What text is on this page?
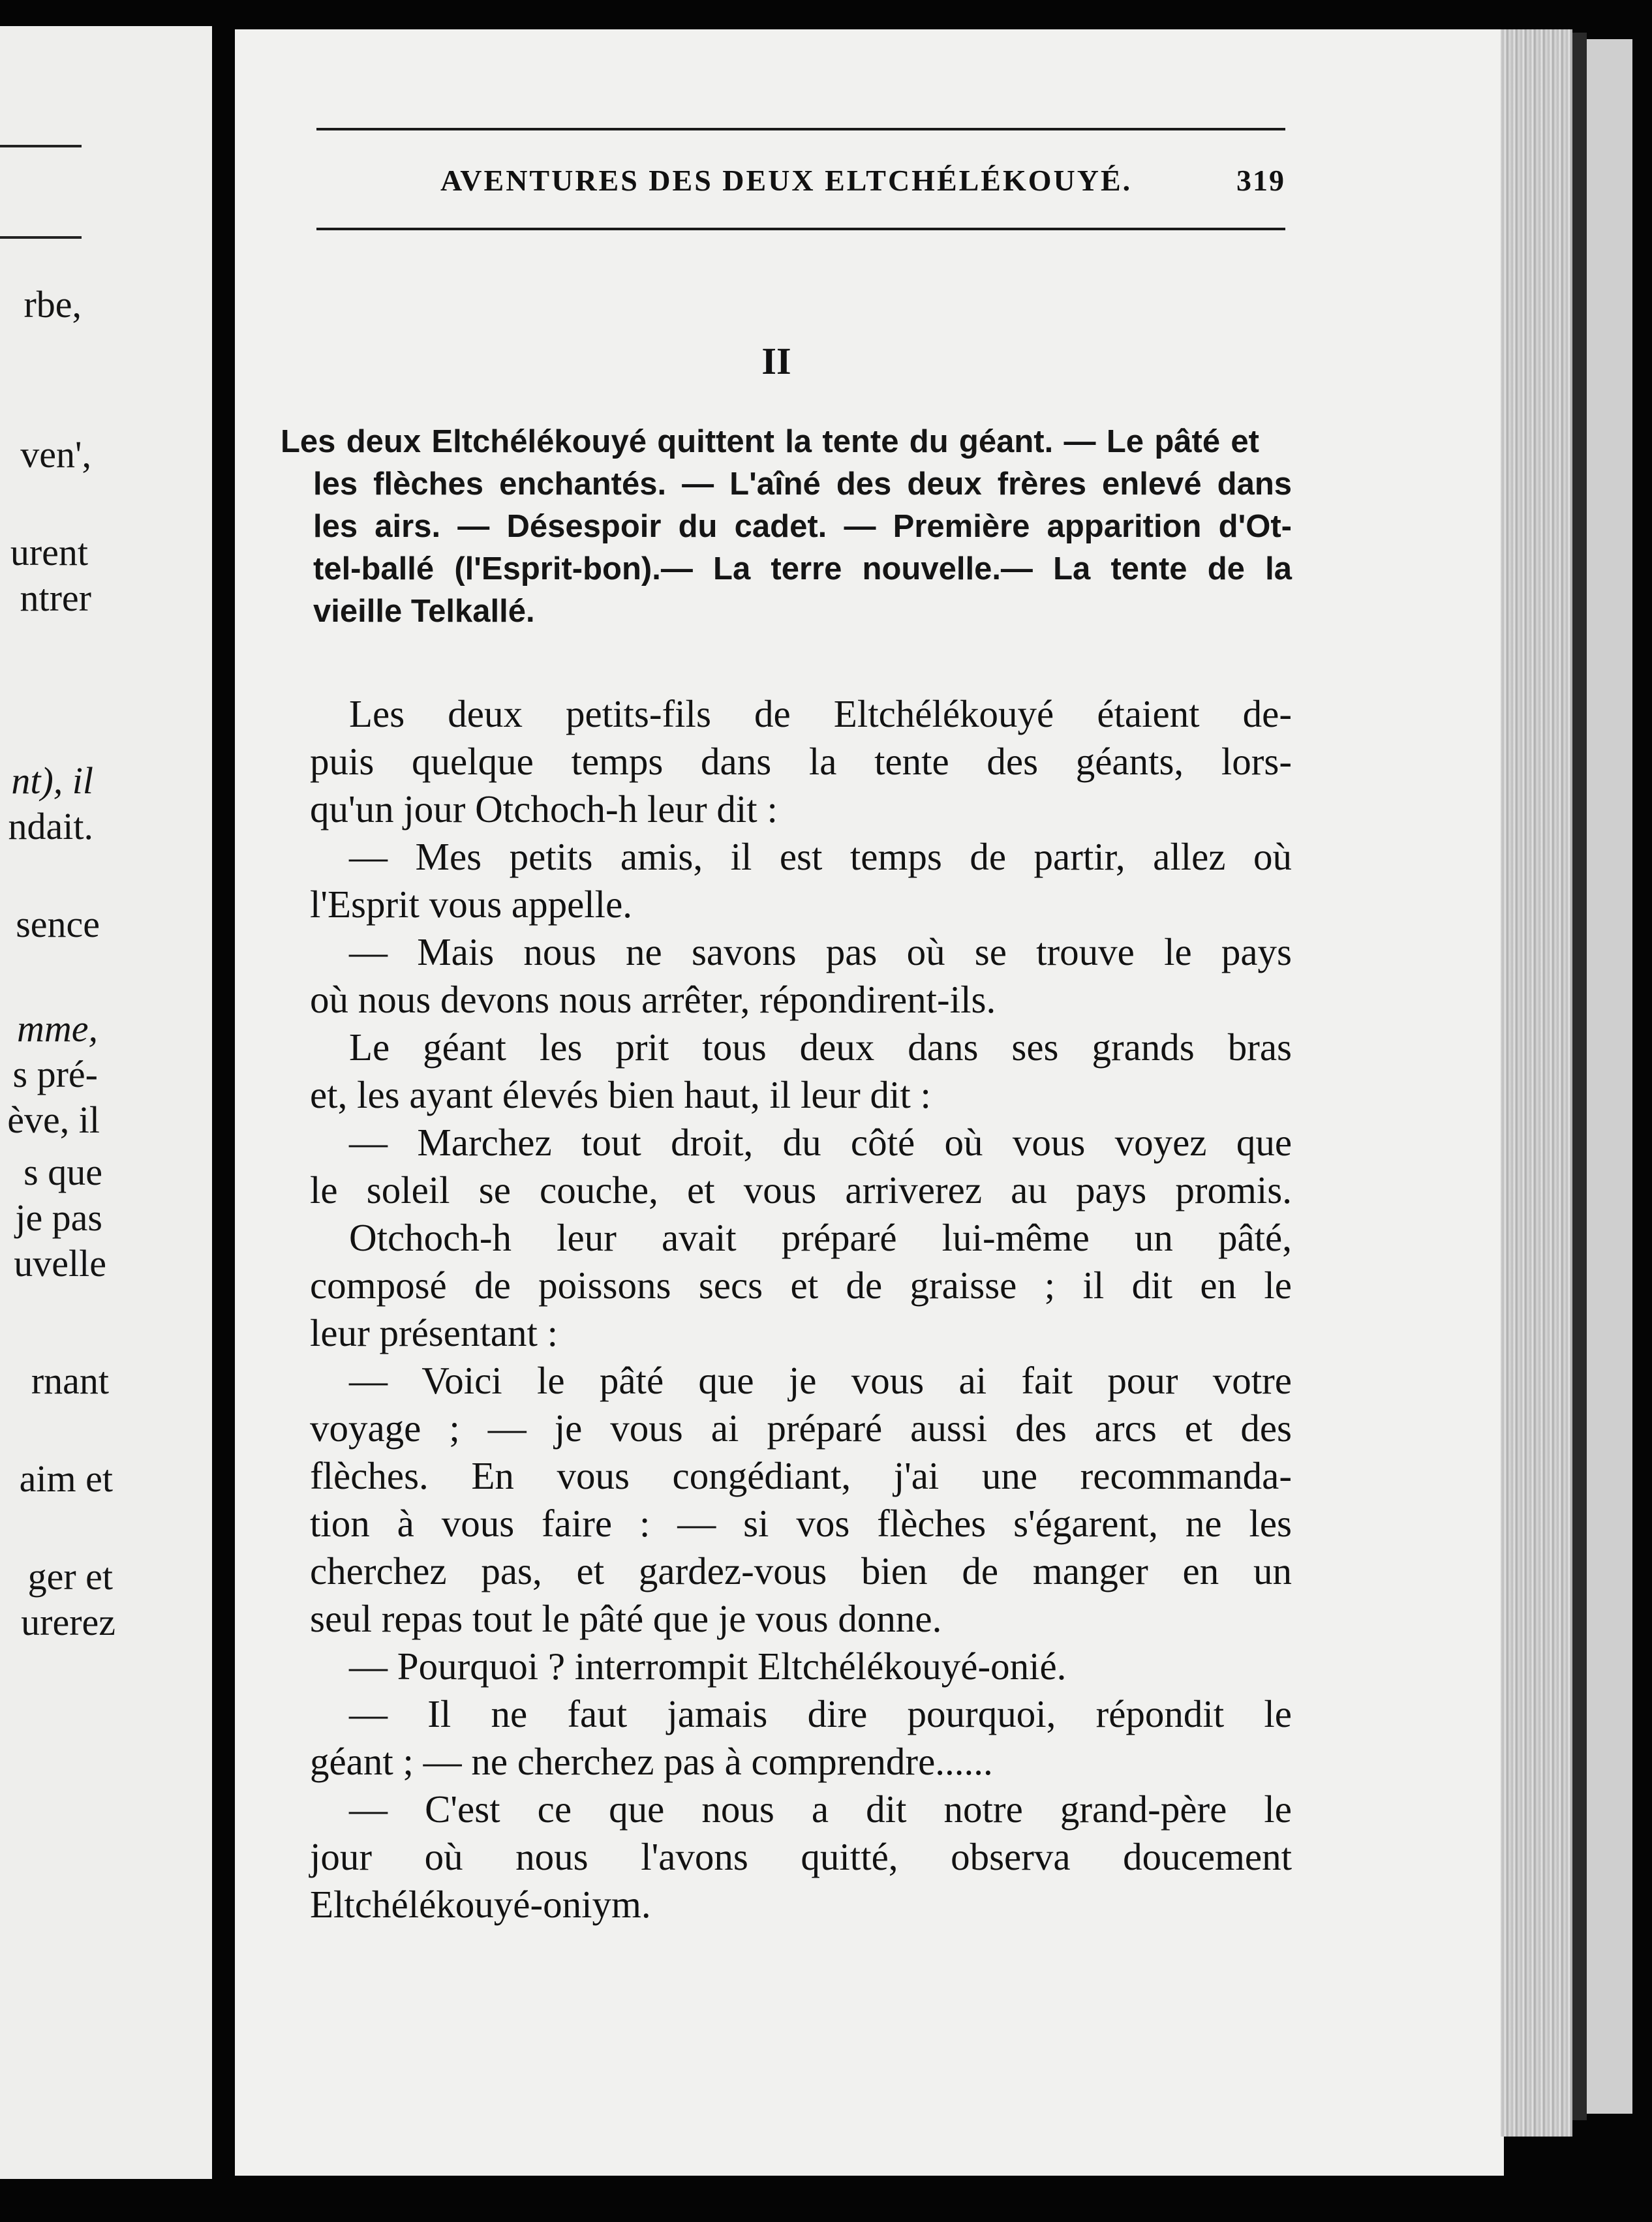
rbe,
ven',
urent
ntrer
nt), il
ndait.
sence
mme,
s pré-
ève, il
s que
je pas
uvelle
rnant
aim et
ger et
urerez
AVENTURES DES DEUX ELTCHÉLÉKOUYÉ.	319
II
Les deux Eltchélékouyé quittent la tente du géant. — Le pâté et
les flèches enchantés. — L'aîné des deux frères enlevé dans
les airs. — Désespoir du cadet. — Première apparition d'Ot-
tel-ballé (l'Esprit-bon).— La terre nouvelle.— La tente de la
vieille Telkallé.
Les deux petits-fils de Eltchélékouyé étaient de-
puis quelque temps dans la tente des géants, lors-
qu'un jour Otchoch-h leur dit :
— Mes petits amis, il est temps de partir, allez où
l'Esprit vous appelle.
— Mais nous ne savons pas où se trouve le pays
où nous devons nous arrêter, répondirent-ils.
Le géant les prit tous deux dans ses grands bras
et, les ayant élevés bien haut, il leur dit :
— Marchez tout droit, du côté où vous voyez que
le soleil se couche, et vous arriverez au pays promis.
Otchoch-h leur avait préparé lui-même un pâté,
composé de poissons secs et de graisse ; il dit en le
leur présentant :
— Voici le pâté que je vous ai fait pour votre
voyage ; — je vous ai préparé aussi des arcs et des
flèches. En vous congédiant, j'ai une recommanda-
tion à vous faire : — si vos flèches s'égarent, ne les
cherchez pas, et gardez-vous bien de manger en un
seul repas tout le pâté que je vous donne.
— Pourquoi ? interrompit Eltchélékouyé-onié.
— Il ne faut jamais dire pourquoi, répondit le
géant ; — ne cherchez pas à comprendre......
— C'est ce que nous a dit notre grand-père le
jour où nous l'avons quitté, observa doucement
Eltchélékouyé-oniym.
